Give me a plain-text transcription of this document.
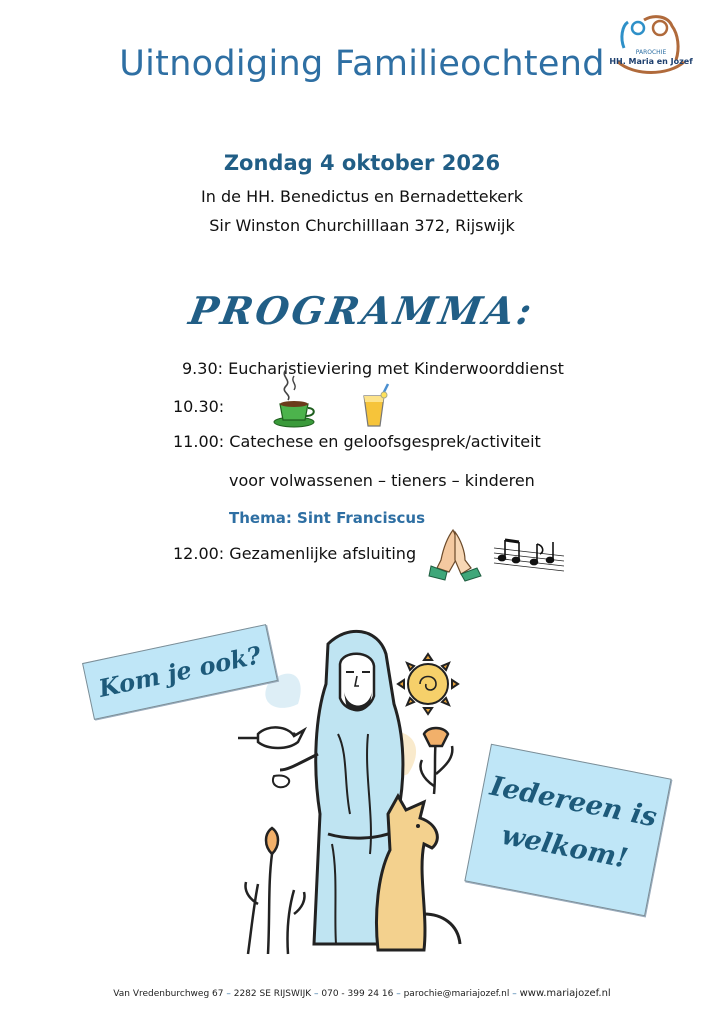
Uitnodiging Familieochtend	PAROCHIE
HH. Maria en Jozef
Zondag 4 oktober 2026
In de HH. Benedictus en Bernadettekerk
Sir Winston Churchilllaan 372, Rijswijk
PROGRAMMA:
9.30: Eucharistieviering met Kinderwoorddienst
10.30:
11.00: Catechese en geloofsgesprek/activiteit
voor volwassenen – tieners – kinderen
Thema: Sint Franciscus
12.00: Gezamenlijke afsluiting
Kom je ook?
Iedereen is
welkom!
Van Vredenburchweg 67 – 2282 SE RIJSWIJK – 070 - 399 24 16 – parochie@mariajozef.nl – www.mariajozef.nl
